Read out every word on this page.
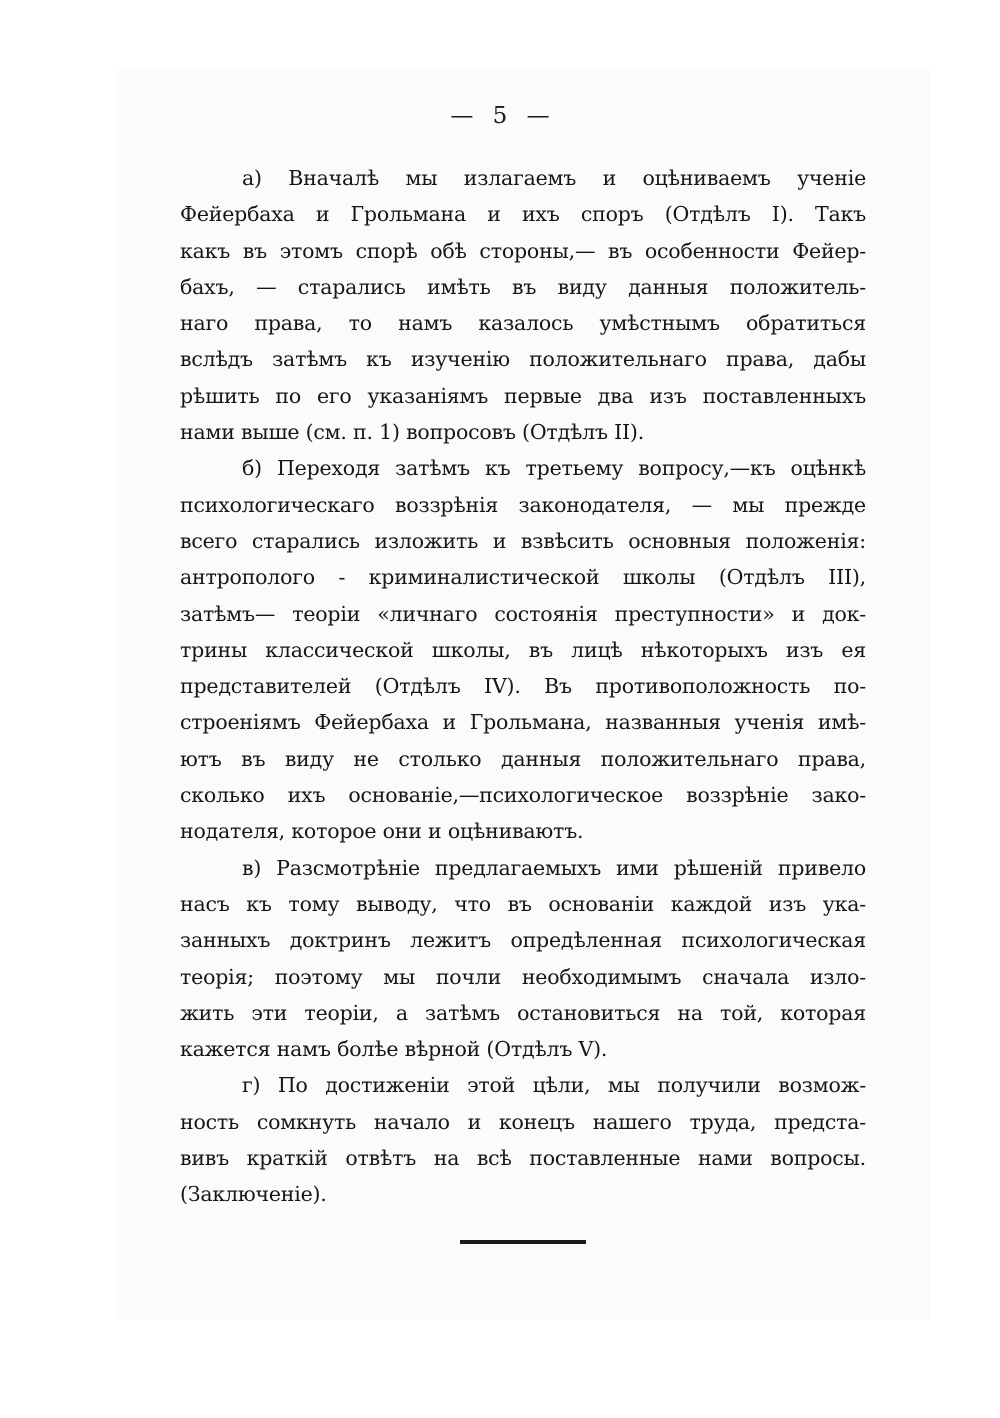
— 5 —
а) Вначалѣ мы излагаемъ и оцѣниваемъ ученіе
Фейербаха и Грольмана и ихъ споръ (Отдѣлъ I). Такъ
какъ въ этомъ спорѣ обѣ стороны,— въ особенности Фейер-
бахъ, — старались имѣть въ виду данныя положитель-
наго права, то намъ казалось умѣстнымъ обратиться
вслѣдъ затѣмъ къ изученію положительнаго права, дабы
рѣшить по его указаніямъ первые два изъ поставленныхъ
нами выше (см. п. 1) вопросовъ (Отдѣлъ II).
б) Переходя затѣмъ къ третьему вопросу,—къ оцѣнкѣ
психологическаго воззрѣнія законодателя, — мы прежде
всего старались изложить и взвѣсить основныя положенія:
антрополого - криминалистической школы (Отдѣлъ III),
затѣмъ— теоріи «личнаго состоянія преступности» и док-
трины классической школы, въ лицѣ нѣкоторыхъ изъ ея
представителей (Отдѣлъ IV). Въ противоположность по-
строеніямъ Фейербаха и Грольмана, названныя ученія имѣ-
ютъ въ виду не столько данныя положительнаго права,
сколько ихъ основаніе,—психологическое воззрѣніе зако-
нодателя, которое они и оцѣниваютъ.
в) Разсмотрѣніе предлагаемыхъ ими рѣшеній привело
насъ къ тому выводу, что въ основаніи каждой изъ ука-
занныхъ доктринъ лежитъ опредѣленная психологическая
теорія; поэтому мы почли необходимымъ сначала изло-
жить эти теоріи, а затѣмъ остановиться на той, которая
кажется намъ болѣе вѣрной (Отдѣлъ V).
г) По достиженіи этой цѣли, мы получили возмож-
ность сомкнуть начало и конецъ нашего труда, предста-
вивъ краткій отвѣтъ на всѣ поставленные нами вопросы.
(Заключеніе).
